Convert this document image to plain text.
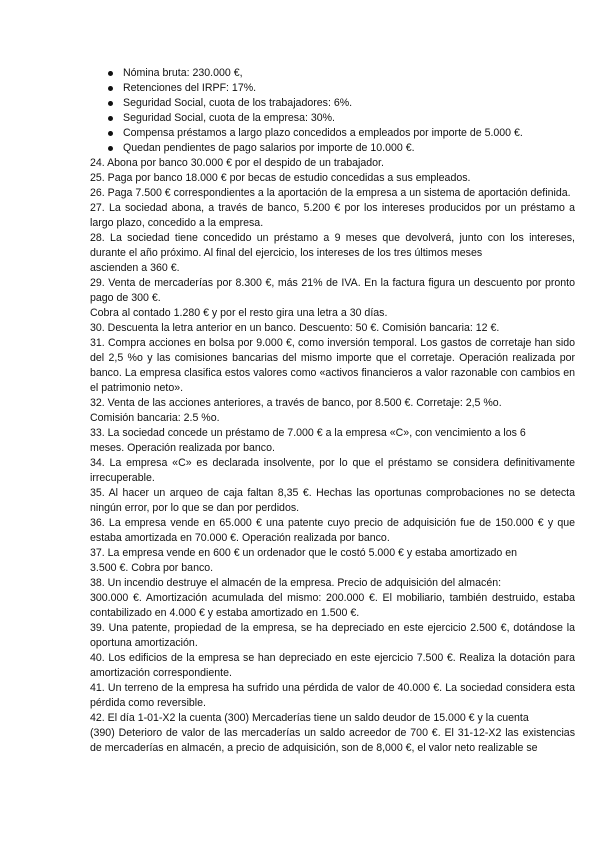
Nómina bruta: 230.000 €,
Retenciones del IRPF: 17%.
Seguridad Social, cuota de los trabajadores: 6%.
Seguridad Social, cuota de la empresa: 30%.
Compensa préstamos a largo plazo concedidos a empleados por importe de 5.000 €.
Quedan pendientes de pago salarios por importe de 10.000 €.

24. Abona por banco 30.000 € por el despido de un trabajador.

25. Paga por banco 18.000 € por becas de estudio concedidas a sus empleados.

26. Paga 7.500 € correspondientes a la aportación de la empresa a un sistema de aportación definida.

27. La sociedad abona, a través de banco, 5.200 € por los intereses producidos por un préstamo a largo plazo, concedido a la empresa.

28. La sociedad tiene concedido un préstamo a 9 meses que devolverá, junto con los intereses, durante el año próximo. Al final del ejercicio, los intereses de los tres últimos meses
ascienden a 360 €.

29. Venta de mercaderías por 8.300 €, más 21% de IVA. En la factura figura un descuento por pronto pago de 300 €.

Cobra al contado 1.280 € y por el resto gira una letra a 30 días.

30. Descuenta la letra anterior en un banco. Descuento: 50 €. Comisión bancaria: 12 €.

31. Compra acciones en bolsa por 9.000 €, como inversión temporal. Los gastos de corretaje han sido del 2,5 %o y las comisiones bancarias del mismo importe que el corretaje. Operación realizada por banco. La empresa clasifica estos valores como «activos financieros a valor razonable con cambios en el patrimonio neto».

32. Venta de las acciones anteriores, a través de banco, por 8.500 €. Corretaje: 2,5 %o.
Comisión bancaria: 2.5 %o.

33. La sociedad concede un préstamo de 7.000 € a la empresa «C», con vencimiento a los 6
meses. Operación realizada por banco.

34. La empresa «C» es declarada insolvente, por lo que el préstamo se considera definitivamente irrecuperable.

35. Al hacer un arqueo de caja faltan 8,35 €. Hechas las oportunas comprobaciones no se detecta ningún error, por lo que se dan por perdidos.

36. La empresa vende en 65.000 € una patente cuyo precio de adquisición fue de 150.000 € y que estaba amortizada en 70.000 €. Operación realizada por banco.

37. La empresa vende en 600 € un ordenador que le costó 5.000 € y estaba amortizado en
3.500 €. Cobra por banco.

38. Un incendio destruye el almacén de la empresa. Precio de adquisición del almacén:

300.000 €. Amortización acumulada del mismo: 200.000 €. El mobiliario, también destruido, estaba contabilizado en 4.000 € y estaba amortizado en 1.500 €.

39. Una patente, propiedad de la empresa, se ha depreciado en este ejercicio 2.500 €, dotándose la oportuna amortización.

40. Los edificios de la empresa se han depreciado en este ejercicio 7.500 €. Realiza la dotación para amortización correspondiente.

41. Un terreno de la empresa ha sufrido una pérdida de valor de 40.000 €. La sociedad considera esta pérdida como reversible.

42. El día 1-01-X2 la cuenta (300) Mercaderías tiene un saldo deudor de 15.000 € y la cuenta

(390) Deterioro de valor de las mercaderías un saldo acreedor de 700 €. El 31-12-X2 las existencias de mercaderías en almacén, a precio de adquisición, son de 8,000 €, el valor neto realizable se
